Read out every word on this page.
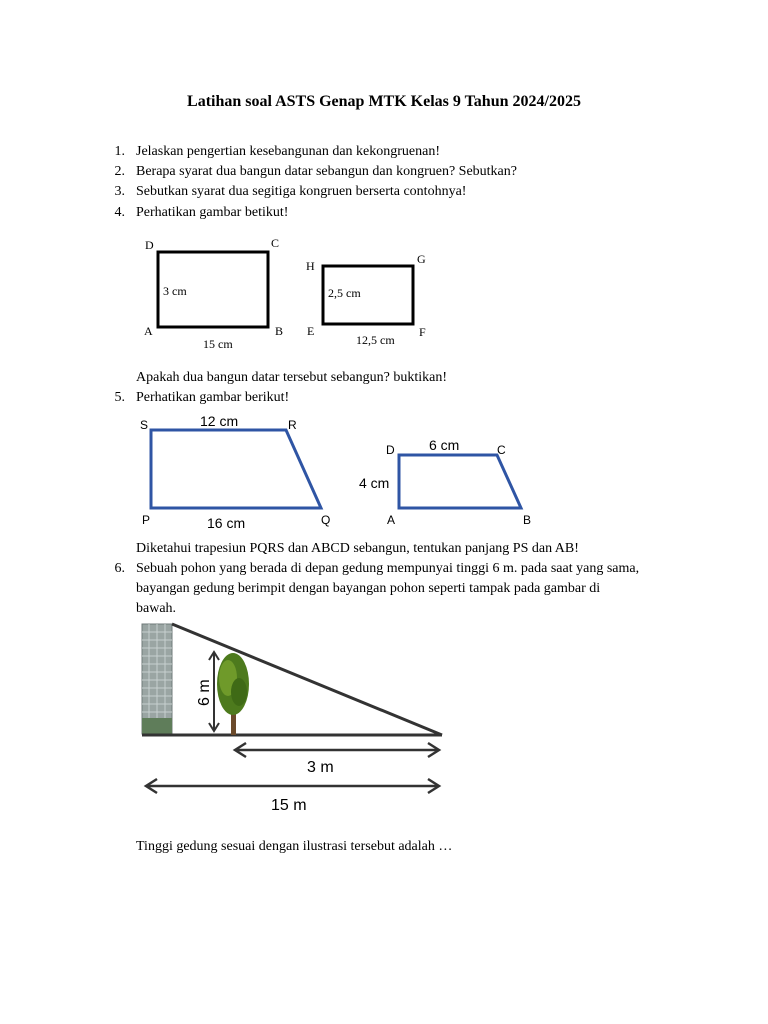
Latihan soal ASTS Genap MTK Kelas 9 Tahun 2024/2025
1. Jelaskan pengertian kesebangunan dan kekongruenan!
2. Berapa syarat dua bangun datar sebangun dan kongruen? Sebutkan?
3. Sebutkan syarat dua segitiga kongruen berserta contohnya!
4. Perhatikan gambar betikut!
D	C
A	B
3 cm
15 cm
H	G
E	F
2,5 cm
12,5 cm
Apakah dua bangun datar tersebut sebangun? buktikan!
5. Perhatikan gambar berikut!
S	R
P	Q
12 cm
16 cm
D	C
A	B
6 cm
4 cm
Diketahui trapesiun PQRS dan ABCD sebangun, tentukan panjang PS dan AB!
6. Sebuah pohon yang berada di depan gedung mempunyai tinggi 6 m. pada saat yang sama,
bayangan gedung berimpit dengan bayangan pohon seperti tampak pada gambar di
bawah.
6 m
3 m
15 m
Tinggi gedung sesuai dengan ilustrasi tersebut adalah …
